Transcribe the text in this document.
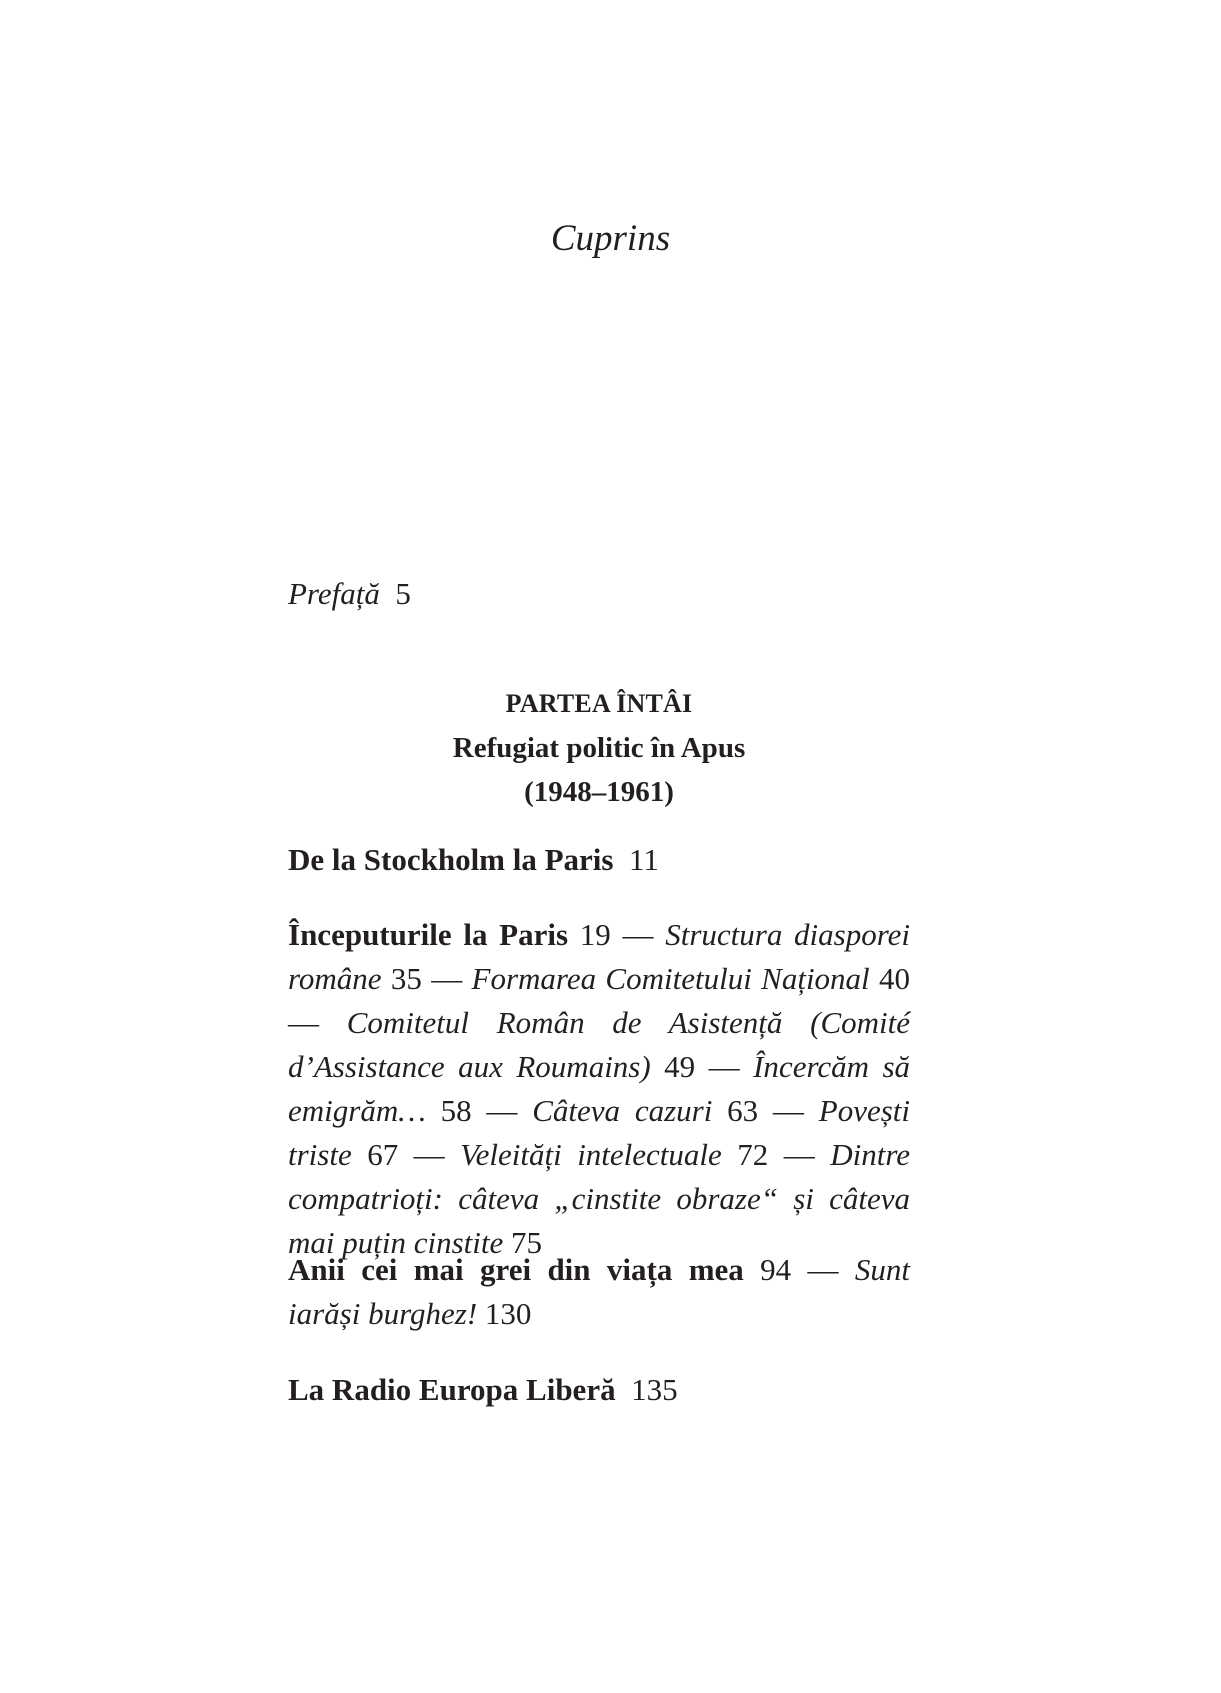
Cuprins
Prefață 5
PARTEA ÎNTÂI
Refugiat politic în Apus
(1948–1961)
De la Stockholm la Paris 11
Începuturile la Paris 19 — Structura diasporei române 35 — Formarea Comitetului Național 40 — Comitetul Român de Asistență (Comité d’Assistance aux Roumains) 49 — Încercăm să emigrăm… 58 — Câteva cazuri 63 — Povești triste 67 — Veleități intelectuale 72 — Dintre compatrioți: câteva „cinstite obraze“ și câteva mai puțin cinstite 75
Anii cei mai grei din viața mea 94 — Sunt iarăși burghez! 130
La Radio Europa Liberă 135
